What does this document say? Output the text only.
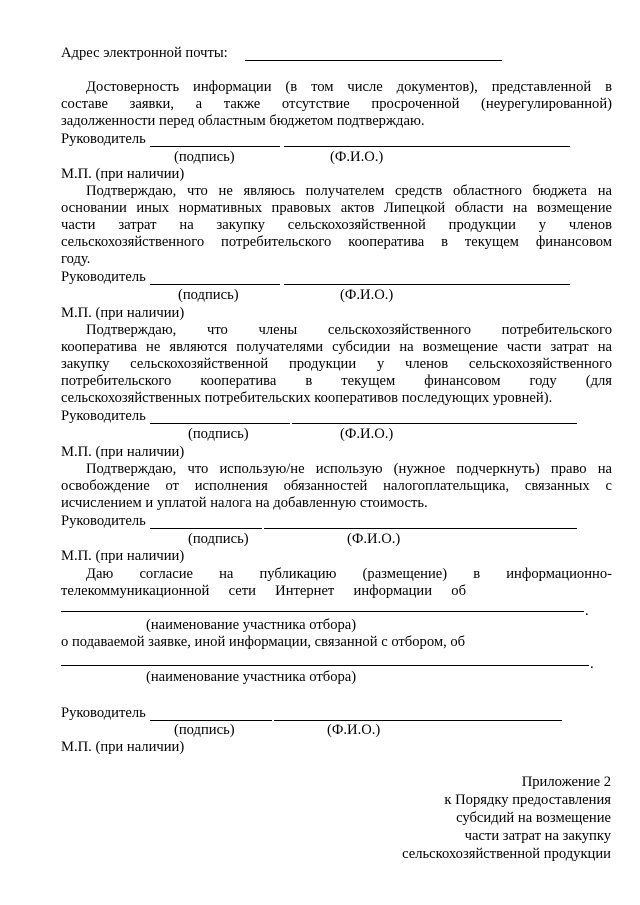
Адрес электронной почты:
Достоверность информации (в том числе документов), представленной в
составе заявки, а также отсутствие просроченной (неурегулированной)
задолженности перед областным бюджетом подтверждаю.
Руководитель
(подпись)	(Ф.И.О.)
М.П. (при наличии)
Подтверждаю, что не являюсь получателем средств областного бюджета на
основании иных нормативных правовых актов Липецкой области на возмещение
части затрат на закупку сельскохозяйственной продукции у членов
сельскохозяйственного потребительского кооператива в текущем финансовом
году.
Руководитель
(подпись)	(Ф.И.О.)
М.П. (при наличии)
Подтверждаю, что члены сельскохозяйственного потребительского
кооператива не являются получателями субсидии на возмещение части затрат на
закупку сельскохозяйственной продукции у членов сельскохозяйственного
потребительского кооператива в текущем финансовом году (для
сельскохозяйственных потребительских кооперативов последующих уровней).
Руководитель
(подпись)	(Ф.И.О.)
М.П. (при наличии)
Подтверждаю, что использую/не использую (нужное подчеркнуть) право на
освобождение от исполнения обязанностей налогоплательщика, связанных с
исчислением и уплатой налога на добавленную стоимость.
Руководитель
(подпись)	(Ф.И.О.)
М.П. (при наличии)
Даю согласие на публикацию (размещение) в информационно-
телекоммуникационной сети Интернет информации об
.
(наименование участника отбора)
о подаваемой заявке, иной информации, связанной с отбором, об
.
(наименование участника отбора)
Руководитель
(подпись)	(Ф.И.О.)
М.П. (при наличии)
Приложение 2
к Порядку предоставления
субсидий на возмещение
части затрат на закупку
сельскохозяйственной продукции
